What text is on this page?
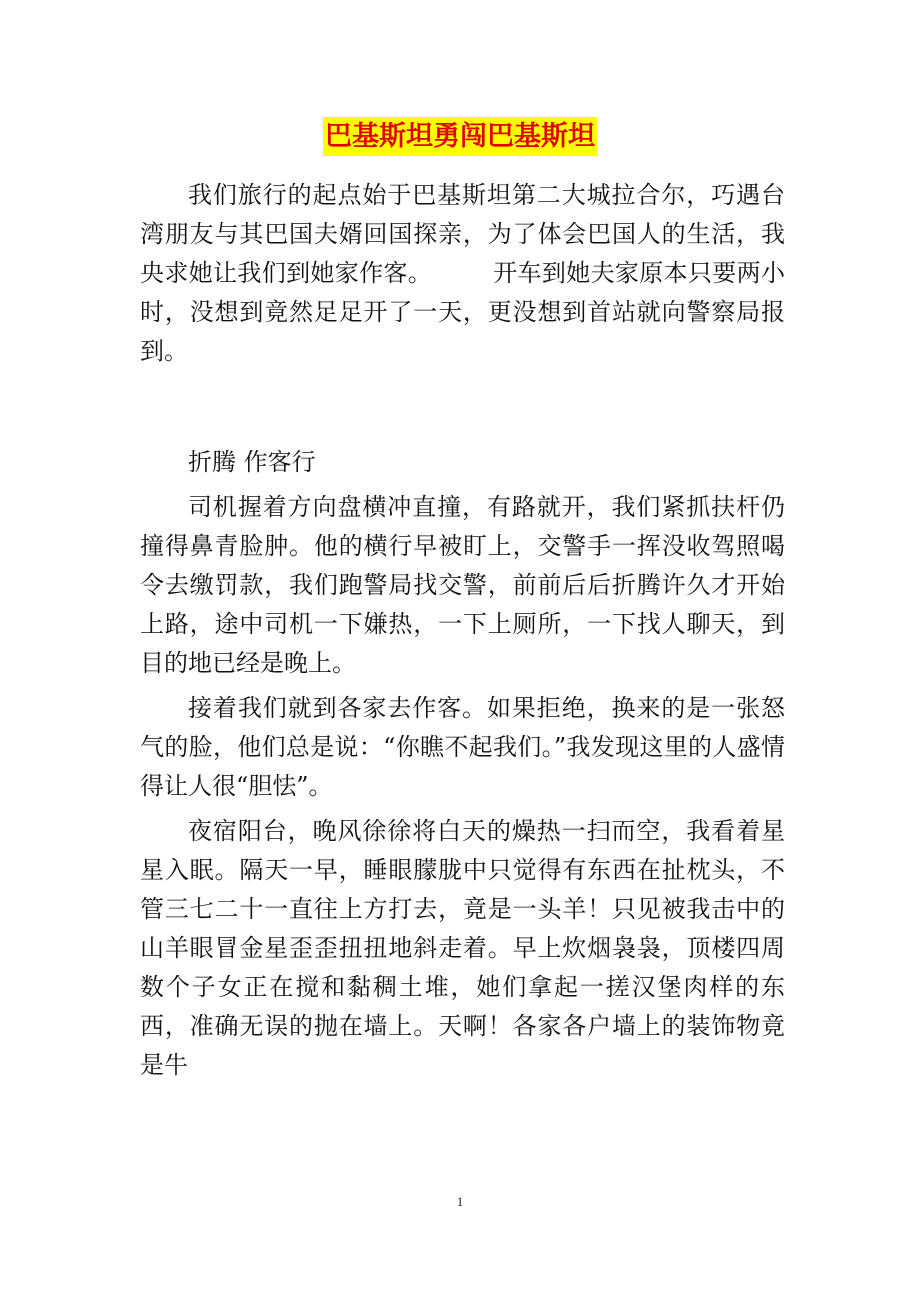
巴基斯坦勇闯巴基斯坦

我们旅行的起点始于巴基斯坦第二大城拉合尔，巧遇台湾朋友与其巴国夫婿回国探亲，为了体会巴国人的生活，我央求她让我们到她家作客。　　　开车到她夫家原本只要两小时，没想到竟然足足开了一天，更没想到首站就向警察局报到。

折腾 作客行

司机握着方向盘横冲直撞，有路就开，我们紧抓扶杆仍撞得鼻青脸肿。他的横行早被盯上，交警手一挥没收驾照喝令去缴罚款，我们跑警局找交警，前前后后折腾许久才开始上路，途中司机一下嫌热，一下上厕所，一下找人聊天，到目的地已经是晚上。

接着我们就到各家去作客。如果拒绝，换来的是一张怒气的脸，他们总是说：“你瞧不起我们。”我发现这里的人盛情得让人很“胆怯”。

夜宿阳台，晚风徐徐将白天的燥热一扫而空，我看着星星入眠。隔天一早，睡眼朦胧中只觉得有东西在扯枕头，不管三七二十一直往上方打去，竟是一头羊！只见被我击中的山羊眼冒金星歪歪扭扭地斜走着。早上炊烟袅袅，顶楼四周数个子女正在搅和黏稠土堆，她们拿起一搓汉堡肉样的东西，准确无误的抛在墙上。天啊！各家各户墙上的装饰物竟是牛

1
